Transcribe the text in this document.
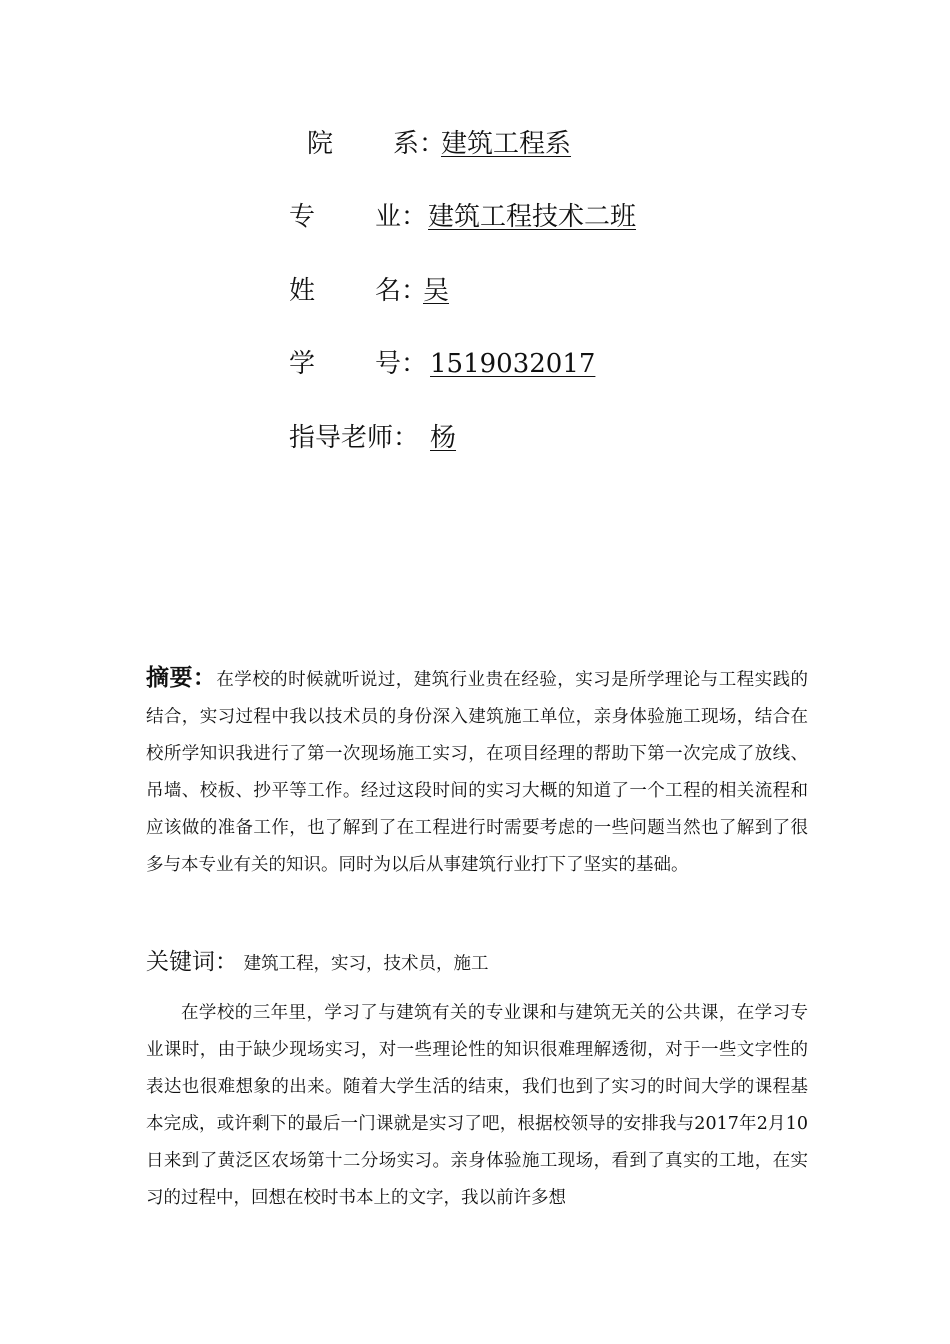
院 系：
建筑工程系
专 业： 建筑工程技术二班
姓 名：
吴
学 号： 1519032017
指导老师： 杨
摘要：在学校的时候就听说过，建筑行业贵在经验，实习是所学理论与工程实践的结合，实习过程中我以技术员的身份深入建筑施工单位，亲身体验施工现场，结合在校所学知识我进行了第一次现场施工实习，在项目经理的帮助下第一次完成了放线、吊墙、校板、抄平等工作。经过这段时间的实习大概的知道了一个工程的相关流程和应该做的准备工作，也了解到了在工程进行时需要考虑的一些问题当然也了解到了很多与本专业有关的知识。同时为以后从事建筑行业打下了坚实的基础。
关键词： 建筑工程，实习，技术员，施工
在学校的三年里，学习了与建筑有关的专业课和与建筑无关的公共课，在学习专业课时，由于缺少现场实习，对一些理论性的知识很难理解透彻，对于一些文字性的表达也很难想象的出来。随着大学生活的结束，我们也到了实习的时间大学的课程基本完成，或许剩下的最后一门课就是实习了吧，根据校领导的安排我与2017年2月10日来到了黄泛区农场第十二分场实习。亲身体验施工现场，看到了真实的工地，在实习的过程中，回想在校时书本上的文字，我以前许多想
